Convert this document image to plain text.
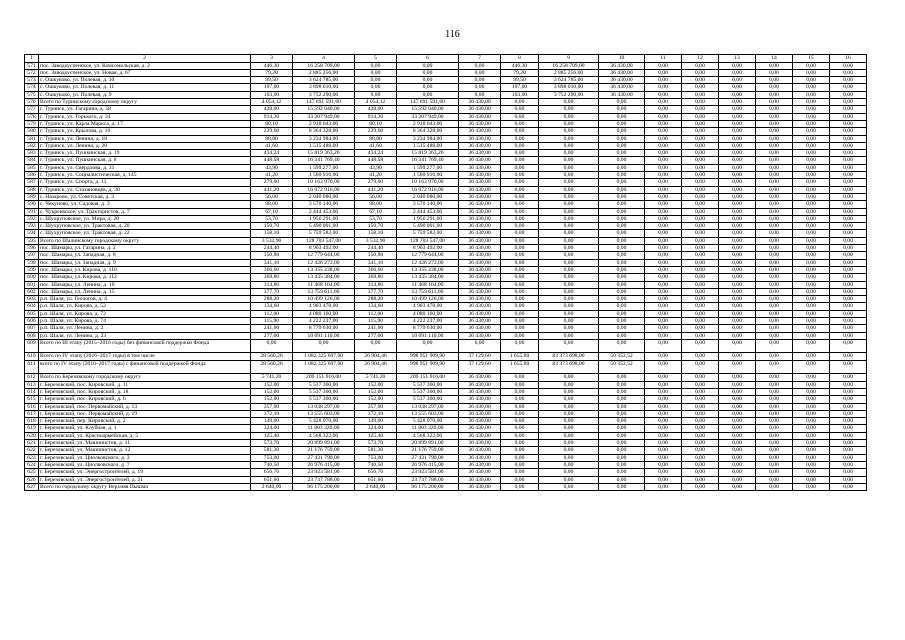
116
1	2	3	4	5	6	7	8	9	10	11	12	13	14	15	16
571	пос. Заводоуспенское, ул. Комсомольская, д. 2	446,30	16 258 709,00	0,00	0,00	0,00	446,30	16 258 709,00	36 430,00	0,00	0,00	0,00	0,00	0,00	0,00
572	пос. Заводоуспенское, ул. Новая, д. 67	79,20	2 885 256,00	0,00	0,00	0,00	79,20	2 885 256,00	36 430,00	0,00	0,00	0,00	0,00	0,00	0,00
573	с. Ошкуково, ул. Полевая, д. 10	99,50	3 624 785,00	0,00	0,00	0,00	99,50	3 624 785,00	36 430,00	0,00	0,00	0,00	0,00	0,00	0,00
574	с. Ошкуково, ул. Полевая, д. 11	107,00	3 898 010,00	0,00	0,00	0,00	107,00	3 898 010,00	36 430,00	0,00	0,00	0,00	0,00	0,00	0,00
575	с. Ошкуково, ул. Полевая, д. 9	103,00	3 752 290,00	0,00	0,00	0,00	103,00	3 752 290,00	36 430,00	0,00	0,00	0,00	0,00	0,00	0,00
576	Всего по Туринскому городскому округу	4 054,12	147 691 591,60	4 054,12	147 691 591,60	36 430,00	0,00	0,00	0,00	0,00	0,00	0,00	0,00	0,00	0,00
577	г. Туринск, ул. Гагарина, д. 58	428,00	15 592 040,00	428,00	15 592 040,00	36 430,00	0,00	0,00	0,00	0,00	0,00	0,00	0,00	0,00	0,00
578	г. Туринск, ул. Горького, д. 34	914,30	33 307 949,00	914,30	33 307 949,00	36 430,00	0,00	0,00	0,00	0,00	0,00	0,00	0,00	0,00	0,00
579	г. Туринск, ул. Карла Маркса, д. 17	80,10	2 918 043,00	80,10	2 918 043,00	36 430,00	0,00	0,00	0,00	0,00	0,00	0,00	0,00	0,00	0,00
580	г. Туринск, ул. Крылова, д. 16	229,60	8 364 328,00	229,60	8 364 328,00	36 430,00	0,00	0,00	0,00	0,00	0,00	0,00	0,00	0,00	0,00
581	г. Туринск, ул. Ленина, д. 18	88,80	3 234 984,00	88,80	3 234 984,00	36 430,00	0,00	0,00	0,00	0,00	0,00	0,00	0,00	0,00	0,00
582	г. Туринск, ул. Ленина, д. 20	41,60	1 515 488,00	41,60	1 515 488,00	36 430,00	0,00	0,00	0,00	0,00	0,00	0,00	0,00	0,00	0,00
583	г. Туринск, ул. Пушкинская, д. 19	434,24	15 819 363,20	434,24	15 819 363,20	36 430,00	0,00	0,00	0,00	0,00	0,00	0,00	0,00	0,00	0,00
584	г. Туринск, ул. Пушкинская, д. 8	448,58	16 341 769,40	448,58	16 341 769,40	36 430,00	0,00	0,00	0,00	0,00	0,00	0,00	0,00	0,00	0,00
585	г. Туринск, ул. Свердлова, д. 31	43,90	1 599 277,00	43,90	1 599 277,00	36 430,00	0,00	0,00	0,00	0,00	0,00	0,00	0,00	0,00	0,00
586	г. Туринск, ул. Социалистическая, д. 145	41,20	1 500 916,00	41,20	1 500 916,00	36 430,00	0,00	0,00	0,00	0,00	0,00	0,00	0,00	0,00	0,00
587	г. Туринск, ул. Спорта, д. 11	279,00	10 163 970,00	279,00	10 163 970,00	36 430,00	0,00	0,00	0,00	0,00	0,00	0,00	0,00	0,00	0,00
588	г. Туринск, ул. Стахановцев, д. 30	441,20	16 072 916,00	441,20	16 072 916,00	36 430,00	0,00	0,00	0,00	0,00	0,00	0,00	0,00	0,00	0,00
589	с. Назарово, ул. Советская, д. 3	56,00	2 040 080,00	56,00	2 040 080,00	36 430,00	0,00	0,00	0,00	0,00	0,00	0,00	0,00	0,00	0,00
590	с. Чекуново, ул. Садовая, д. 3	98,00	3 570 140,00	98,00	3 570 140,00	36 430,00	0,00	0,00	0,00	0,00	0,00	0,00	0,00	0,00	0,00
591	с. Чукреевское, ул. Трактористов, д. 7	67,10	2 444 453,00	67,10	2 444 453,00	36 430,00	0,00	0,00	0,00	0,00	0,00	0,00	0,00	0,00	0,00
592	с. Шухруповское, ул. Мира, д. 20	53,70	1 956 291,00	53,70	1 956 291,00	36 430,00	0,00	0,00	0,00	0,00	0,00	0,00	0,00	0,00	0,00
593	с. Шухруповское, ул. Трактовая, д. 20	150,70	5 490 001,00	150,70	5 490 001,00	36 430,00	0,00	0,00	0,00	0,00	0,00	0,00	0,00	0,00	0,00
594	с. Шухруповское, ул. Трактовая, д. 22	158,10	5 759 583,00	158,10	5 759 583,00	36 430,00	0,00	0,00	0,00	0,00	0,00	0,00	0,00	0,00	0,00
595	Всего по Шалинскому городскому округу	3 532,90	128 703 547,00	3 532,90	128 703 547,00	36 430,00	0,00	0,00	0,00	0,00	0,00	0,00	0,00	0,00	0,00
596	пос. Шамары, ул. Гагарина, д. 2	244,40	8 903 492,00	244,40	8 903 492,00	36 430,00	0,00	0,00	0,00	0,00	0,00	0,00	0,00	0,00	0,00
597	пос. Шамары, ул. Западная, д. 8	350,80	12 779 644,00	350,80	12 779 644,00	36 430,00	0,00	0,00	0,00	0,00	0,00	0,00	0,00	0,00	0,00
598	пос. Шамары, ул. Западная, д. 9	341,10	12 426 273,00	341,10	12 426 273,00	36 430,00	0,00	0,00	0,00	0,00	0,00	0,00	0,00	0,00	0,00
599	пос. Шамары, ул. Кирова, д. 110	366,60	13 355 238,00	366,60	13 355 238,00	36 430,00	0,00	0,00	0,00	0,00	0,00	0,00	0,00	0,00	0,00
600	пос. Шамары, ул. Кирова, д. 112	368,80	13 435 384,00	368,80	13 435 384,00	36 430,00	0,00	0,00	0,00	0,00	0,00	0,00	0,00	0,00	0,00
601	пос. Шамары, ул. Ленина, д. 10	314,80	11 468 164,00	314,80	11 468 164,00	36 430,00	0,00	0,00	0,00	0,00	0,00	0,00	0,00	0,00	0,00
602	пос. Шамары, ул. Ленина, д. 15	377,70	13 759 611,00	377,70	13 759 611,00	36 430,00	0,00	0,00	0,00	0,00	0,00	0,00	0,00	0,00	0,00
603	р.п. Шаля, ул. Геологов, д. 4	288,20	10 499 126,00	288,20	10 499 126,00	36 430,00	0,00	0,00	0,00	0,00	0,00	0,00	0,00	0,00	0,00
604	р.п. Шаля, ул. Кирова, д. 52	134,60	4 903 478,00	134,60	4 903 478,00	36 430,00	0,00	0,00	0,00	0,00	0,00	0,00	0,00	0,00	0,00
605	р.п. Шаля, ул. Кирова, д. 72	112,00	4 080 160,00	112,00	4 080 160,00	36 430,00	0,00	0,00	0,00	0,00	0,00	0,00	0,00	0,00	0,00
606	р.п. Шаля, ул. Кирова, д. 74	115,90	4 222 237,00	115,90	4 222 237,00	36 430,00	0,00	0,00	0,00	0,00	0,00	0,00	0,00	0,00	0,00
607	р.п. Шаля, ул. Ленина, д. 2	241,00	8 779 630,00	241,00	8 779 630,00	36 430,00	0,00	0,00	0,00	0,00	0,00	0,00	0,00	0,00	0,00
608	р.п. Шаля, ул. Ленина, д. 23	277,00	10 091 110,00	277,00	10 091 110,00	36 430,00	0,00	0,00	0,00	0,00	0,00	0,00	0,00	0,00	0,00
609	Всего по III этапу (2015–2016 годы) без финансовой поддержки Фонда	0,00	0,00	0,00	0,00	0,00	0,00	0,00	0,00	0,00	0,00	0,00	0,00	0,00	0,00
610	Всего по IV этапу (2016–2017 годы) в том числе	28 560,26	1 082 325 607,90	26 904,46	998 951 909,90	37 129,60	1 655,80	83 373 698,00	50 352,52	0,00	0,00	0,00	0,00	0,00	0,00
611	всего по IV этапу (2016–2017 годы) с финансовой поддержкой Фонда	28 560,26	1 082 325 607,90	26 904,46	998 951 909,90	37 129,60	1 655,80	83 373 698,00	50 352,52	0,00	0,00	0,00	0,00	0,00	0,00
612	Всего по Березовскому городскому округу	5 741,20	209 151 916,00	5 741,20	209 151 916,00	36 430,00	0,00	0,00	0,00	0,00	0,00	0,00	0,00	0,00	0,00
613	г. Березовский, пос. Кировский, д. 11	152,00	5 537 360,00	152,00	5 537 360,00	36 430,00	0,00	0,00	0,00	0,00	0,00	0,00	0,00	0,00	0,00
614	г. Березовский, пос. Кировский, д. 18	152,00	5 537 360,00	152,00	5 537 360,00	36 430,00	0,00	0,00	0,00	0,00	0,00	0,00	0,00	0,00	0,00
615	г. Березовский, пос. Кировский, д. 6	152,00	5 537 360,00	152,00	5 537 360,00	36 430,00	0,00	0,00	0,00	0,00	0,00	0,00	0,00	0,00	0,00
616	г. Березовский, пос. Первомайский, д. 13	357,90	13 038 297,00	357,90	13 038 297,00	36 430,00	0,00	0,00	0,00	0,00	0,00	0,00	0,00	0,00	0,00
617	г. Березовский, пос. Первомайский, д. 19	372,10	13 555 603,00	372,10	13 555 603,00	36 430,00	0,00	0,00	0,00	0,00	0,00	0,00	0,00	0,00	0,00
618	г. Березовский, пер. Кировский, д. 2	149,00	5 428 070,00	149,00	5 428 070,00	36 430,00	0,00	0,00	0,00	0,00	0,00	0,00	0,00	0,00	0,00
619	г. Березовский, ул. Клубная, д. 1	324,00	11 803 320,00	324,00	11 803 320,00	36 430,00	0,00	0,00	0,00	0,00	0,00	0,00	0,00	0,00	0,00
620	г. Березовский, ул. Красноармейская, д. 5	125,40	4 568 322,00	125,40	4 568 322,00	36 430,00	0,00	0,00	0,00	0,00	0,00	0,00	0,00	0,00	0,00
621	г. Березовский, ул. Машинистов, д. 11	573,70	20 899 891,00	573,70	20 899 891,00	36 430,00	0,00	0,00	0,00	0,00	0,00	0,00	0,00	0,00	0,00
622	г. Березовский, ул. Машинистов, д. 12	581,30	21 176 759,00	581,30	21 176 759,00	36 430,00	0,00	0,00	0,00	0,00	0,00	0,00	0,00	0,00	0,00
623	г. Березовский, ул. Циолковского, д. 3	753,00	27 431 790,00	753,00	27 431 790,00	36 430,00	0,00	0,00	0,00	0,00	0,00	0,00	0,00	0,00	0,00
624	г. Березовский, ул. Циолковского, д. 7	740,50	26 976 415,00	740,50	26 976 415,00	36 430,00	0,00	0,00	0,00	0,00	0,00	0,00	0,00	0,00	0,00
625	г. Березовский, ул. Энергостроителей, д. 19	656,70	23 923 581,00	656,70	23 923 581,00	36 430,00	0,00	0,00	0,00	0,00	0,00	0,00	0,00	0,00	0,00
626	г. Березовский, ул. Энергостроителей, д. 21	651,60	23 737 788,00	651,60	23 737 788,00	36 430,00	0,00	0,00	0,00	0,00	0,00	0,00	0,00	0,00	0,00
627	Всего по городскому округу Верхняя Пышма	2 640,00	96 175 200,00	2 640,00	96 175 200,00	36 430,00	0,00	0,00	0,00	0,00	0,00	0,00	0,00	0,00	0,00
